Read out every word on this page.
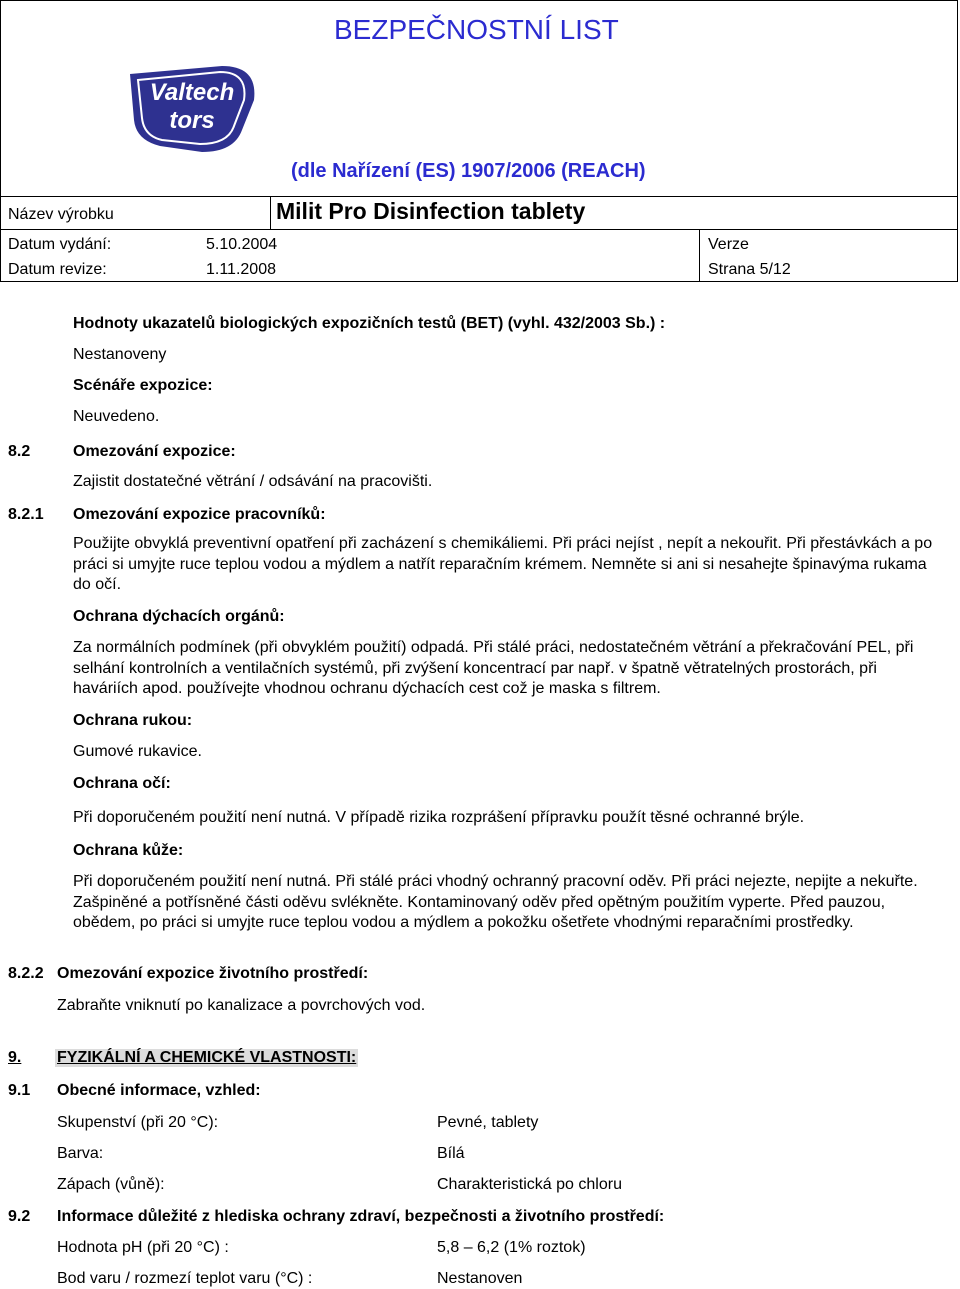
BEZPEČNOSTNÍ LIST
Valtech
tors
(dle Nařízení (ES) 1907/2006 (REACH)
Název výrobku	Milit Pro Disinfection tablety
Datum vydání:	5.10.2004	Verze
Datum revize:	1.11.2008	Strana 5/12
Hodnoty ukazatelů biologických expozičních testů (BET) (vyhl. 432/2003 Sb.) :
Nestanoveny
Scénáře expozice:
Neuvedeno.
8.2	Omezování expozice:
Zajistit dostatečné větrání / odsávání na pracovišti.
8.2.1 Omezování expozice pracovníků:
Použijte obvyklá preventivní opatření při zacházení s chemikáliemi. Při práci nejíst , nepít a nekouřit. Při přestávkách a po práci si umyjte ruce teplou vodou a mýdlem a natřít reparačním krémem. Nemněte si ani si nesahejte špinavýma rukama do očí.
Ochrana dýchacích orgánů:
Za normálních podmínek (při obvyklém použití) odpadá. Při stálé práci, nedostatečném větrání a překračování PEL, při selhání kontrolních a ventilačních systémů, při zvýšení koncentrací par např. v špatně větratelných prostorách, při haváriích apod. používejte vhodnou ochranu dýchacích cest což je maska s filtrem.
Ochrana rukou:
Gumové rukavice.
Ochrana očí:
Při doporučeném použití není nutná. V případě rizika rozprášení přípravku použít těsné ochranné brýle.
Ochrana kůže:
Při doporučeném použití není nutná. Při stálé práci vhodný ochranný pracovní oděv. Při práci nejezte, nepijte a nekuřte. Zašpiněné a potřísněné části oděvu svlékněte. Kontaminovaný oděv před opětným použitím vyperte. Před pauzou, obědem, po práci si umyjte ruce teplou vodou a mýdlem a pokožku ošetřete vhodnými reparačními prostředky.
8.2.2 Omezování expozice životního prostředí:
Zabraňte vniknutí po kanalizace a povrchových vod.
9. FYZIKÁLNÍ A CHEMICKÉ VLASTNOSTI:
9.1 Obecné informace, vzhled:
Skupenství (při 20 °C):	Pevné, tablety
Barva:	Bílá
Zápach (vůně):	Charakteristická po chloru
9.2 Informace důležité z hlediska ochrany zdraví, bezpečnosti a životního prostředí:
Hodnota pH (při 20 °C) :	5,8 – 6,2 (1% roztok)
Bod varu / rozmezí teplot varu (°C) :	Nestanoven
